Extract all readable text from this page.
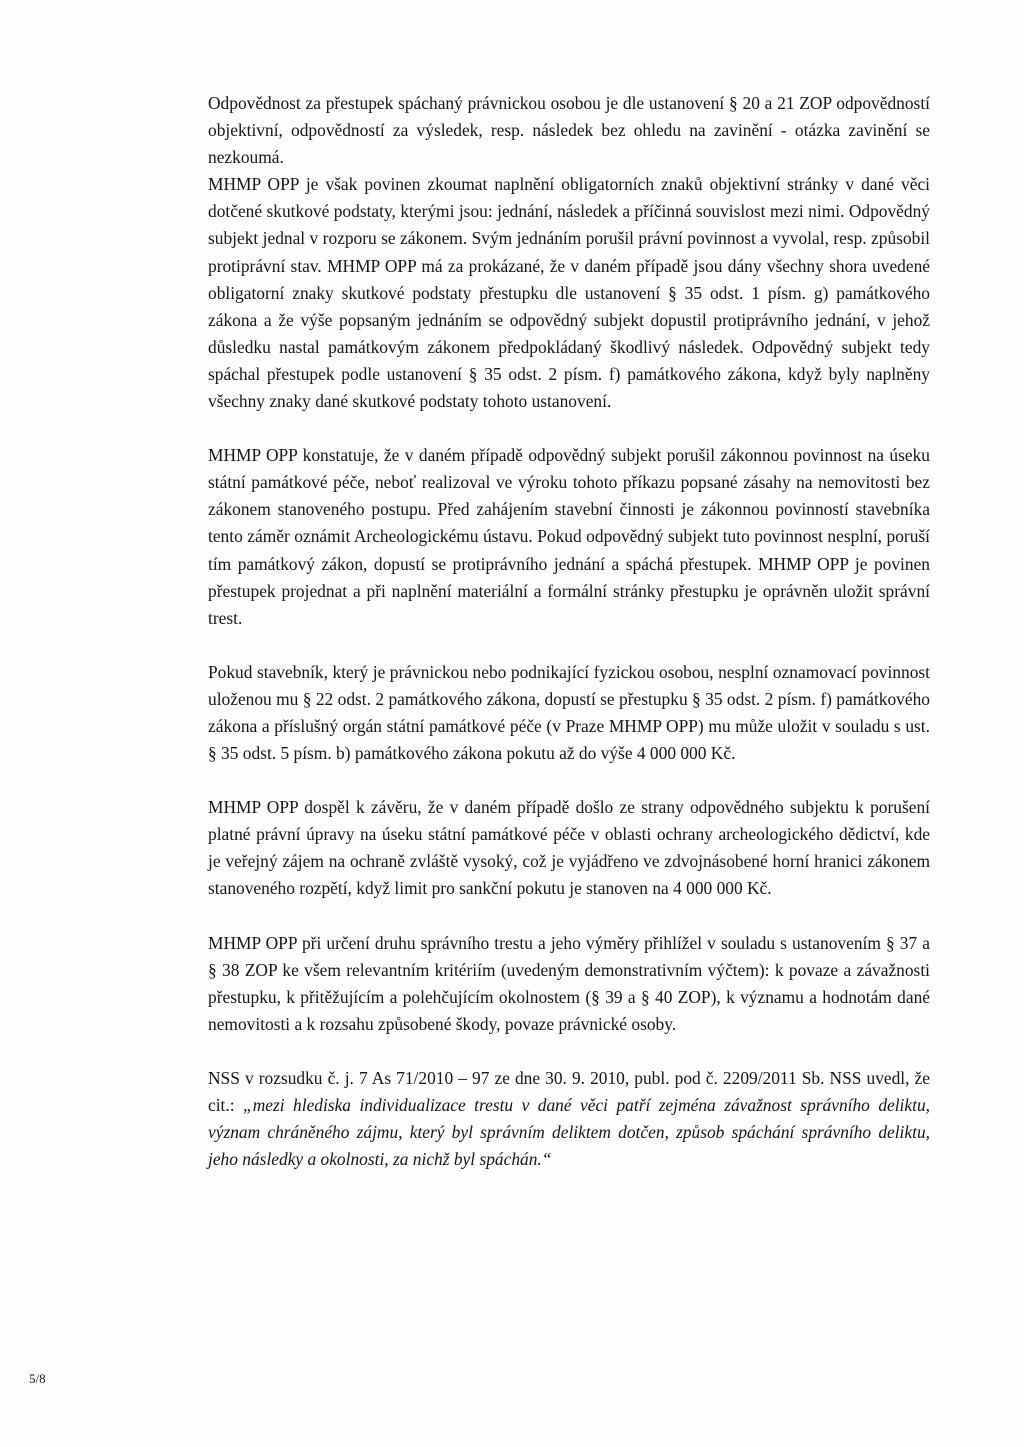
Odpovědnost za přestupek spáchaný právnickou osobou je dle ustanovení § 20 a 21 ZOP odpovědností objektivní, odpovědností za výsledek, resp. následek bez ohledu na zavinění - otázka zavinění se nezkoumá.

MHMP OPP je však povinen zkoumat naplnění obligatorních znaků objektivní stránky v dané věci dotčené skutkové podstaty, kterými jsou: jednání, následek a příčinná souvislost mezi nimi. Odpovědný subjekt jednal v rozporu se zákonem. Svým jednáním porušil právní povinnost a vyvolal, resp. způsobil protiprávní stav. MHMP OPP má za prokázané, že v daném případě jsou dány všechny shora uvedené obligatorní znaky skutkové podstaty přestupku dle ustanovení § 35 odst. 1 písm. g) památkového zákona a že výše popsaným jednáním se odpovědný subjekt dopustil protiprávního jednání, v jehož důsledku nastal památkovým zákonem předpokládaný škodlivý následek. Odpovědný subjekt tedy spáchal přestupek podle ustanovení § 35 odst. 2 písm. f) památkového zákona, když byly naplněny všechny znaky dané skutkové podstaty tohoto ustanovení.

MHMP OPP konstatuje, že v daném případě odpovědný subjekt porušil zákonnou povinnost na úseku státní památkové péče, neboť realizoval ve výroku tohoto příkazu popsané zásahy na nemovitosti bez zákonem stanoveného postupu. Před zahájením stavební činnosti je zákonnou povinností stavebníka tento záměr oznámit Archeologickému ústavu. Pokud odpovědný subjekt tuto povinnost nesplní, poruší tím památkový zákon, dopustí se protiprávního jednání a spáchá přestupek. MHMP OPP je povinen přestupek projednat a při naplnění materiální a formální stránky přestupku je oprávněn uložit správní trest.

Pokud stavebník, který je právnickou nebo podnikající fyzickou osobou, nesplní oznamovací povinnost uloženou mu § 22 odst. 2 památkového zákona, dopustí se přestupku § 35 odst. 2 písm. f) památkového zákona a příslušný orgán státní památkové péče (v Praze MHMP OPP) mu může uložit v souladu s ust. § 35 odst. 5 písm. b) památkového zákona pokutu až do výše 4 000 000 Kč.

MHMP OPP dospěl k závěru, že v daném případě došlo ze strany odpovědného subjektu k porušení platné právní úpravy na úseku státní památkové péče v oblasti ochrany archeologického dědictví, kde je veřejný zájem na ochraně zvláště vysoký, což je vyjádřeno ve zdvojnásobené horní hranici zákonem stanoveného rozpětí, když limit pro sankční pokutu je stanoven na 4 000 000 Kč.

MHMP OPP při určení druhu správního trestu a jeho výměry přihlížel v souladu s ustanovením § 37 a § 38 ZOP ke všem relevantním kritériím (uvedeným demonstrativním výčtem): k povaze a závažnosti přestupku, k přitěžujícím a polehčujícím okolnostem (§ 39 a § 40 ZOP), k významu a hodnotám dané nemovitosti a k rozsahu způsobené škody, povaze právnické osoby.

NSS v rozsudku č. j. 7 As 71/2010 – 97 ze dne 30. 9. 2010, publ. pod č. 2209/2011 Sb. NSS uvedl, že cit.: „mezi hlediska individualizace trestu v dané věci patří zejména závažnost správního deliktu, význam chráněného zájmu, který byl správním deliktem dotčen, způsob spáchání správního deliktu, jeho následky a okolnosti, za nichž byl spáchán.“

5/8
